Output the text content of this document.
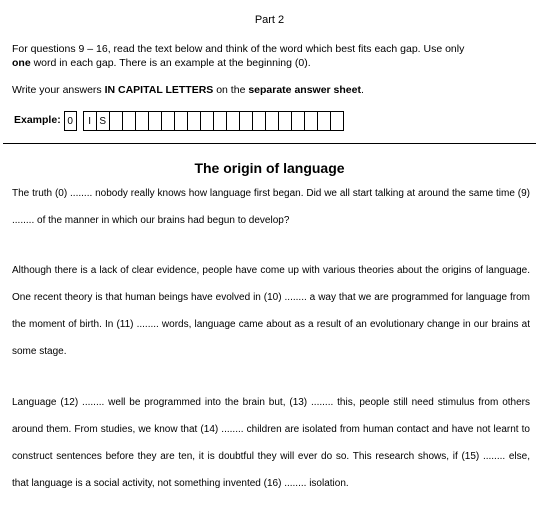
Part 2
For questions 9 – 16, read the text below and think of the word which best fits each gap. Use only
one word in each gap. There is an example at the beginning (0).
Write your answers IN CAPITAL LETTERS on the separate answer sheet.
Example: 0	I S
The origin of language
The truth (0) ........ nobody really knows how language first began. Did we all start talking at around the same time (9) ........ of the manner in which our brains had begun to develop?
Although there is a lack of clear evidence, people have come up with various theories about the origins of language. One recent theory is that human beings have evolved in (10) ........ a way that we are programmed for language from the moment of birth. In (11) ........ words, language came about as a result of an evolutionary change in our brains at some stage.
Language (12) ........ well be programmed into the brain but, (13) ........ this, people still need stimulus from others around them. From studies, we know that (14) ........ children are isolated from human contact and have not learnt to construct sentences before they are ten, it is doubtful they will ever do so. This research shows, if (15) ........ else, that language is a social activity, not something invented (16) ........ isolation.
